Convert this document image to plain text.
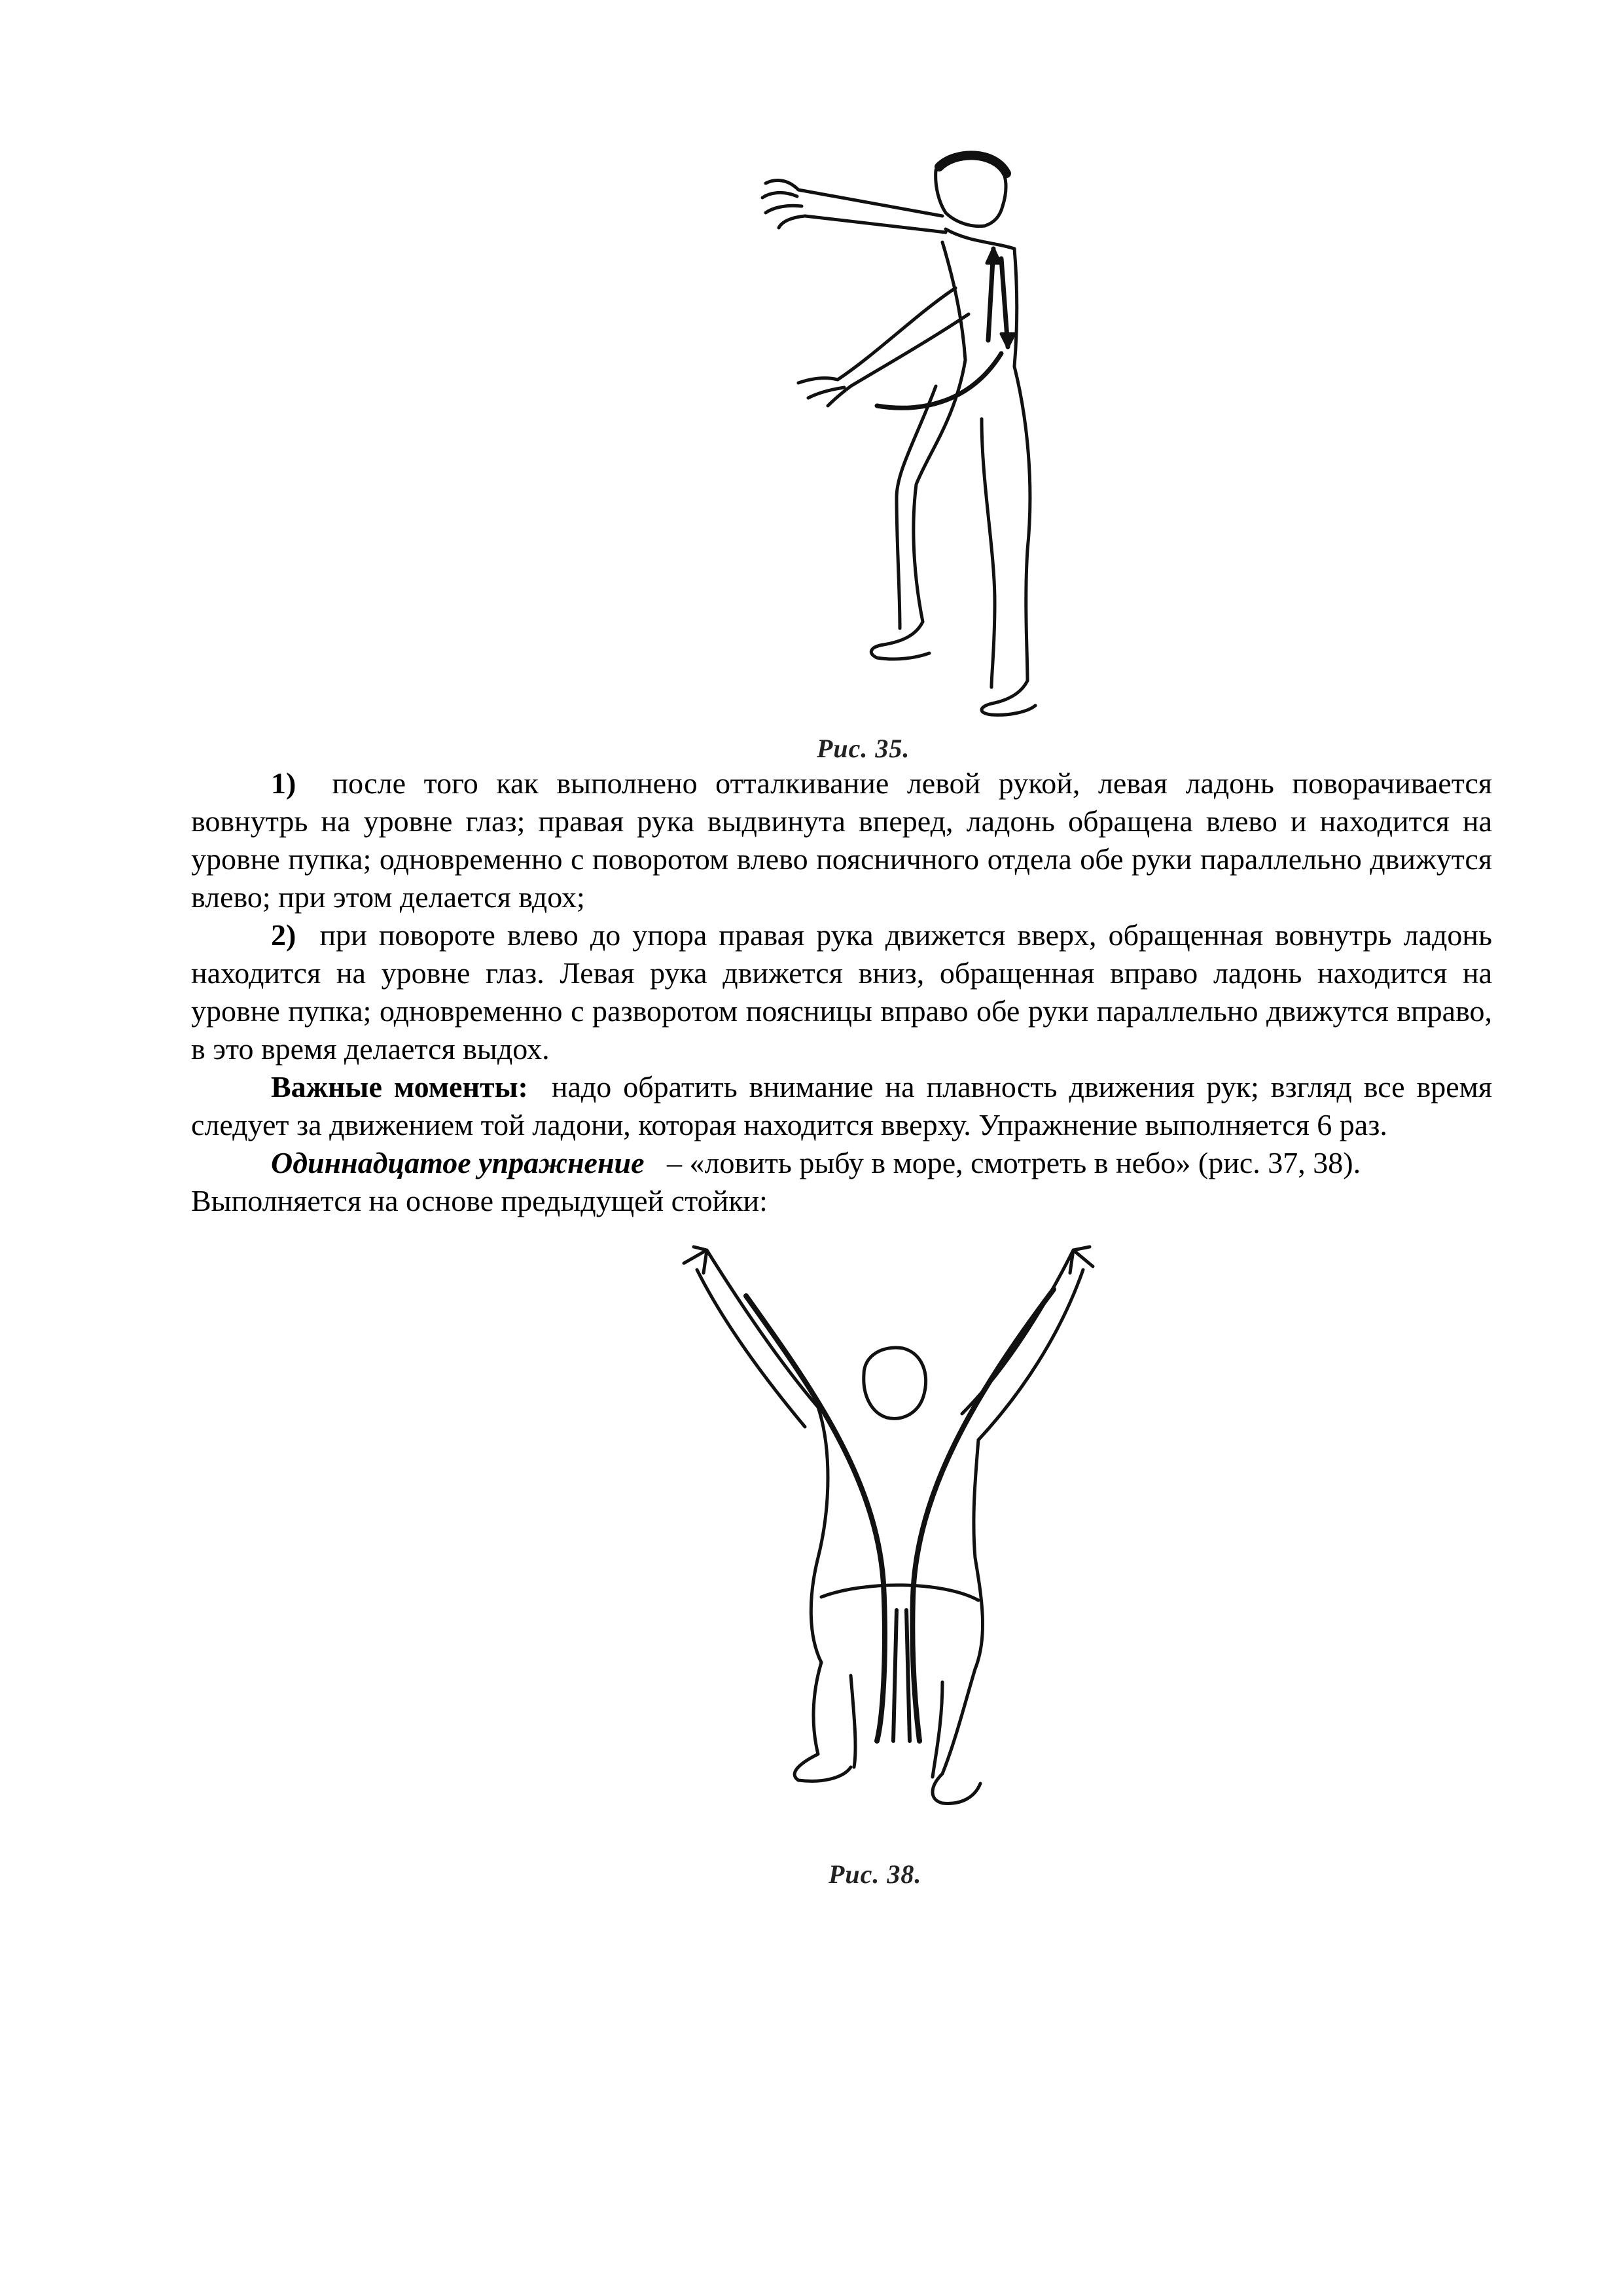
Рис. 35.

1) после того как выполнено отталкивание левой рукой, левая ладонь поворачивается вовнутрь на уровне глаз; правая рука выдвинута вперед, ладонь обращена влево и находится на уровне пупка; одновременно с поворотом влево поясничного отдела обе руки параллельно движутся влево; при этом делается вдох;

2) при повороте влево до упора правая рука движется вверх, обращенная вовнутрь ладонь находится на уровне глаз. Левая рука движется вниз, обращенная вправо ладонь находится на уровне пупка; одновременно с разворотом поясницы вправо обе руки параллельно движутся вправо, в это время делается выдох.

Важные моменты: надо обратить внимание на плавность движения рук; взгляд все время следует за движением той ладони, которая находится вверху. Упражнение выполняется 6 раз.

Одиннадцатое упражнение – «ловить рыбу в море, смотреть в небо» (рис. 37, 38).

Выполняется на основе предыдущей стойки:

Рис. 38.
